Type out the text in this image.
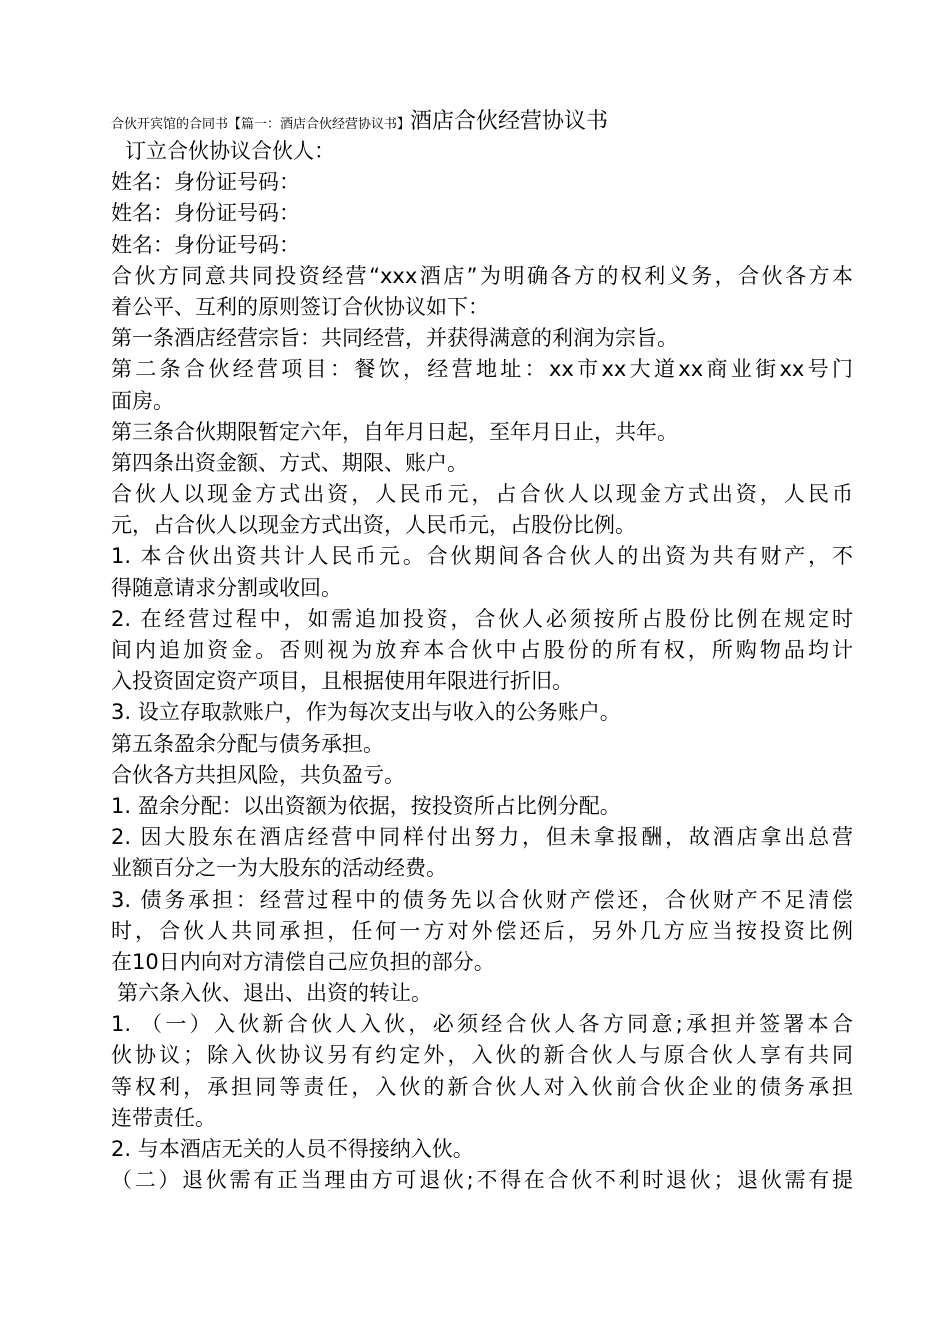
合伙开宾馆的合同书【篇一：酒店合伙经营协议书】酒店合伙经营协议书
订立合伙协议合伙人：
姓名：身份证号码：
姓名：身份证号码：
姓名：身份证号码：
合伙方同意共同投资经营“xxx酒店”为明确各方的权利义务，合伙各方本
着公平、互利的原则签订合伙协议如下：
第一条酒店经营宗旨：共同经营，并获得满意的利润为宗旨。
第二条合伙经营项目：餐饮，经营地址：xx市xx大道xx商业街xx号门
面房。
第三条合伙期限暂定六年，自年月日起，至年月日止，共年。
第四条出资金额、方式、期限、账户。
合伙人以现金方式出资，人民币元，占合伙人以现金方式出资，人民币
元，占合伙人以现金方式出资，人民币元，占股份比例。
1. 本合伙出资共计人民币元。合伙期间各合伙人的出资为共有财产，不
得随意请求分割或收回。
2. 在经营过程中，如需追加投资，合伙人必须按所占股份比例在规定时
间内追加资金。否则视为放弃本合伙中占股份的所有权，所购物品均计
入投资固定资产项目，且根据使用年限进行折旧。
3. 设立存取款账户，作为每次支出与收入的公务账户。
第五条盈余分配与债务承担。
合伙各方共担风险，共负盈亏。
1. 盈余分配：以出资额为依据，按投资所占比例分配。
2. 因大股东在酒店经营中同样付出努力，但未拿报酬，故酒店拿出总营
业额百分之一为大股东的活动经费。
3. 债务承担：经营过程中的债务先以合伙财产偿还，合伙财产不足清偿
时，合伙人共同承担，任何一方对外偿还后，另外几方应当按投资比例
在10日内向对方清偿自己应负担的部分。
第六条入伙、退出、出资的转让。
1. （一）入伙新合伙人入伙，必须经合伙人各方同意;承担并签署本合
伙协议；除入伙协议另有约定外，入伙的新合伙人与原合伙人享有共同
等权利，承担同等责任，入伙的新合伙人对入伙前合伙企业的债务承担
连带责任。
2. 与本酒店无关的人员不得接纳入伙。
（二）退伙需有正当理由方可退伙;不得在合伙不利时退伙；退伙需有提
